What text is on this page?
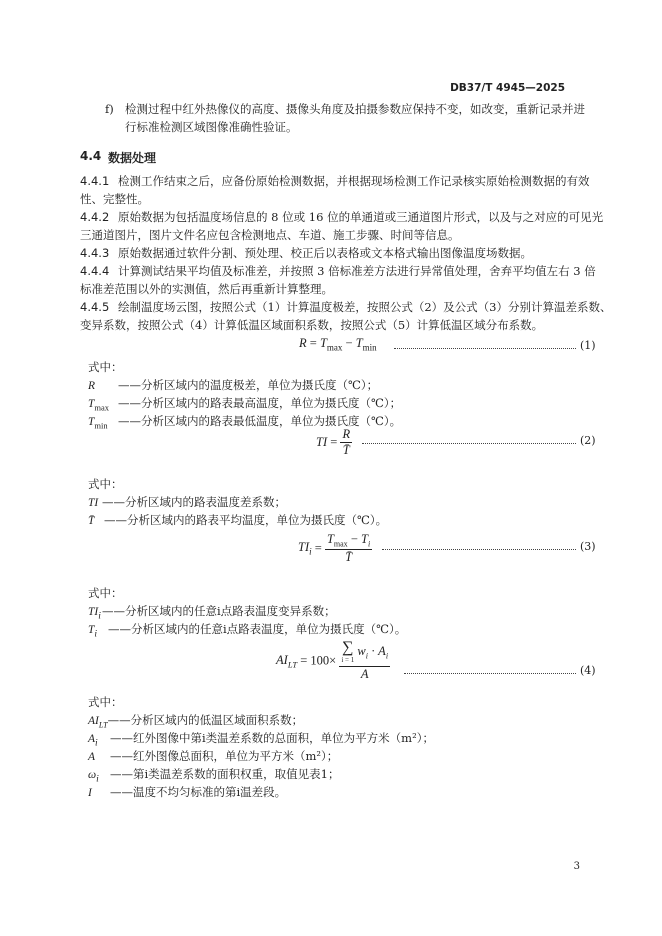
DB37/T 4945—2025
f) 检测过程中红外热像仪的高度、摄像头角度及拍摄参数应保持不变，如改变，重新记录并进
行标准检测区域图像准确性验证。
4.4 数据处理
4.4.1 检测工作结束之后，应备份原始检测数据，并根据现场检测工作记录核实原始检测数据的有效
性、完整性。
4.4.2 原始数据为包括温度场信息的 8 位或 16 位的单通道或三通道图片形式，以及与之对应的可见光
三通道图片，图片文件名应包含检测地点、车道、施工步骤、时间等信息。
4.4.3 原始数据通过软件分割、预处理、校正后以表格或文本格式输出图像温度场数据。
4.4.4 计算测试结果平均值及标准差，并按照 3 倍标准差方法进行异常值处理，舍弃平均值左右 3 倍
标准差范围以外的实测值，然后再重新计算整理。
4.4.5 绘制温度场云图，按照公式（1）计算温度极差，按照公式（2）及公式（3）分别计算温差系数、
变异系数，按照公式（4）计算低温区域面积系数，按照公式（5）计算低温区域分布系数。
$R = T_{max} - T_{min}$	(1)
式中：
R ——分析区域内的温度极差，单位为摄氏度（℃）；
$T_{max}$ ——分析区域内的路表最高温度，单位为摄氏度（℃）；
$T_{min}$ ——分析区域内的路表最低温度，单位为摄氏度（℃）。
TI = $\frac{R}{T̄}$	(2)
式中：
TI ——分析区域内的路表温度差系数；
T̄ ——分析区域内的路表平均温度，单位为摄氏度（℃）。
$TI_i = \frac{T_{max} - T_i}{T̄}$	(3)
式中：
$TI_i——$分析区域内的任意i点路表温度变异系数；
$T_i$ ——分析区域内的任意i点路表温度，单位为摄氏度（℃）。
$AI_{LT} = 100\times$ ∑
i = 1
$w_i \cdot A_i$
A	(4)
式中：
$AI_{LT}——$分析区域内的低温区域面积系数；
$A_i$ ——红外图像中第i类温差系数的总面积，单位为平方米（m²）；
A ——红外图像总面积，单位为平方米（m²）；
$\omega_i$ ——第i类温差系数的面积权重，取值见表1；
I ——温度不均匀标准的第i温差段。
3
